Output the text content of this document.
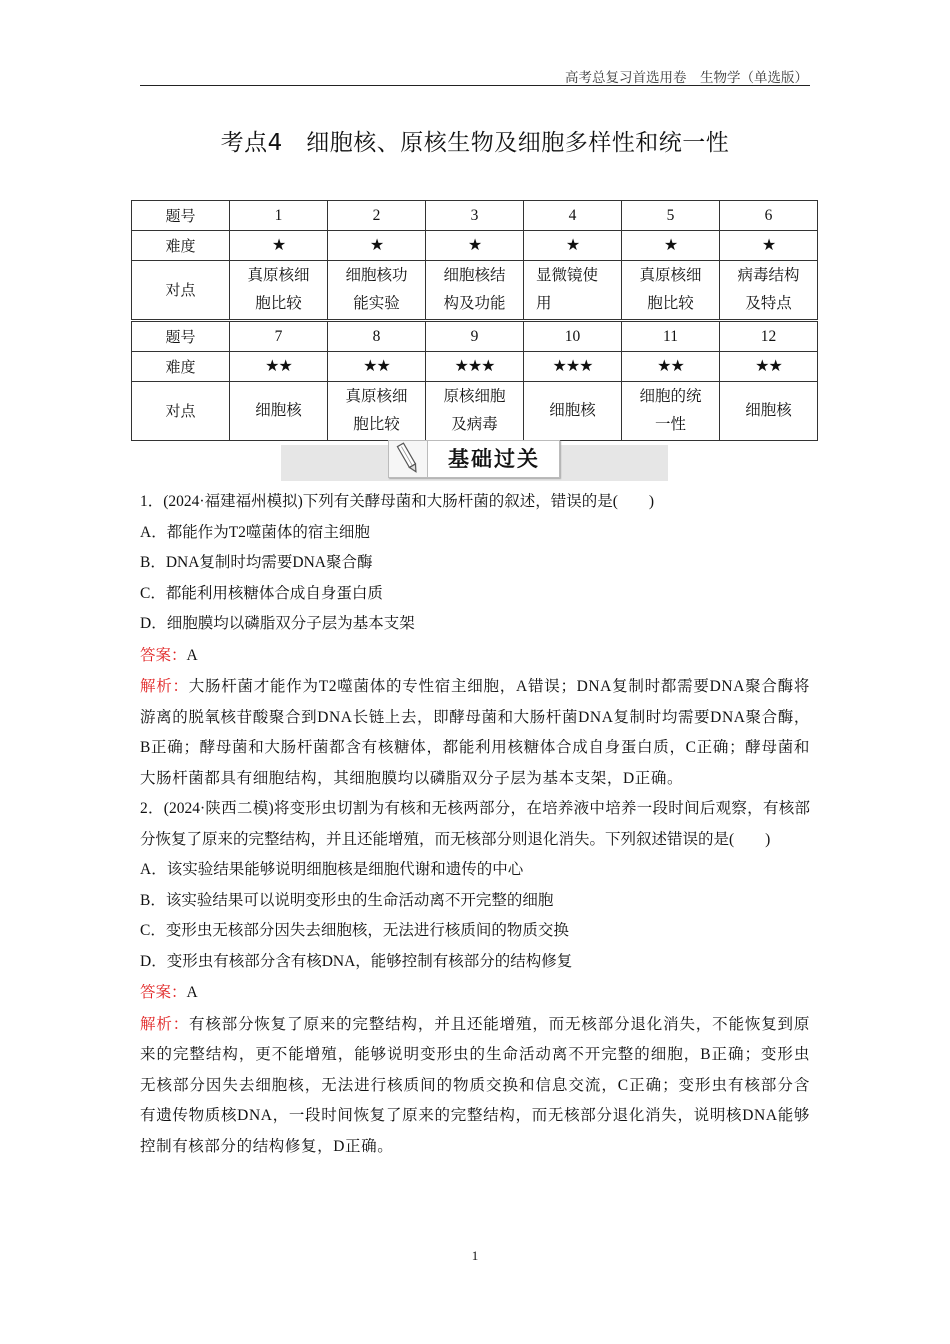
高考总复习首选用卷　生物学（单选版）
考点4　细胞核、原核生物及细胞多样性和统一性
题号	1	2	3	4	5	6
难度	★	★	★	★	★	★
对点	真原核细胞比较	细胞核功能实验	细胞核结构及功能	显微镜使用	真原核细胞比较	病毒结构及特点
题号	7	8	9	10	11	12
难度	★★	★★	★★★	★★★	★★	★★
对点	细胞核	真原核细胞比较	原核细胞及病毒	细胞核	细胞的统一性	细胞核
基础过关

1．(2024·福建福州模拟)下列有关酵母菌和大肠杆菌的叙述，错误的是(　　)

A．都能作为T2噬菌体的宿主细胞

B．DNA复制时均需要DNA聚合酶

C．都能利用核糖体合成自身蛋白质

D．细胞膜均以磷脂双分子层为基本支架

答案：A

解析：大肠杆菌才能作为T2噬菌体的专性宿主细胞，A错误；DNA复制时都需要DNA聚合酶将游离的脱氧核苷酸聚合到DNA长链上去，即酵母菌和大肠杆菌DNA复制时均需要DNA聚合酶，B正确；酵母菌和大肠杆菌都含有核糖体，都能利用核糖体合成自身蛋白质，C正确；酵母菌和大肠杆菌都具有细胞结构，其细胞膜均以磷脂双分子层为基本支架，D正确。

2．(2024·陕西二模)将变形虫切割为有核和无核两部分，在培养液中培养一段时间后观察，有核部分恢复了原来的完整结构，并且还能增殖，而无核部分则退化消失。下列叙述错误的是(　　)

A．该实验结果能够说明细胞核是细胞代谢和遗传的中心

B．该实验结果可以说明变形虫的生命活动离不开完整的细胞

C．变形虫无核部分因失去细胞核，无法进行核质间的物质交换

D．变形虫有核部分含有核DNA，能够控制有核部分的结构修复

答案：A

解析：有核部分恢复了原来的完整结构，并且还能增殖，而无核部分退化消失，不能恢复到原来的完整结构，更不能增殖，能够说明变形虫的生命活动离不开完整的细胞，B正确；变形虫无核部分因失去细胞核，无法进行核质间的物质交换和信息交流，C正确；变形虫有核部分含有遗传物质核DNA，一段时间恢复了原来的完整结构，而无核部分退化消失，说明核DNA能够控制有核部分的结构修复，D正确。

1
